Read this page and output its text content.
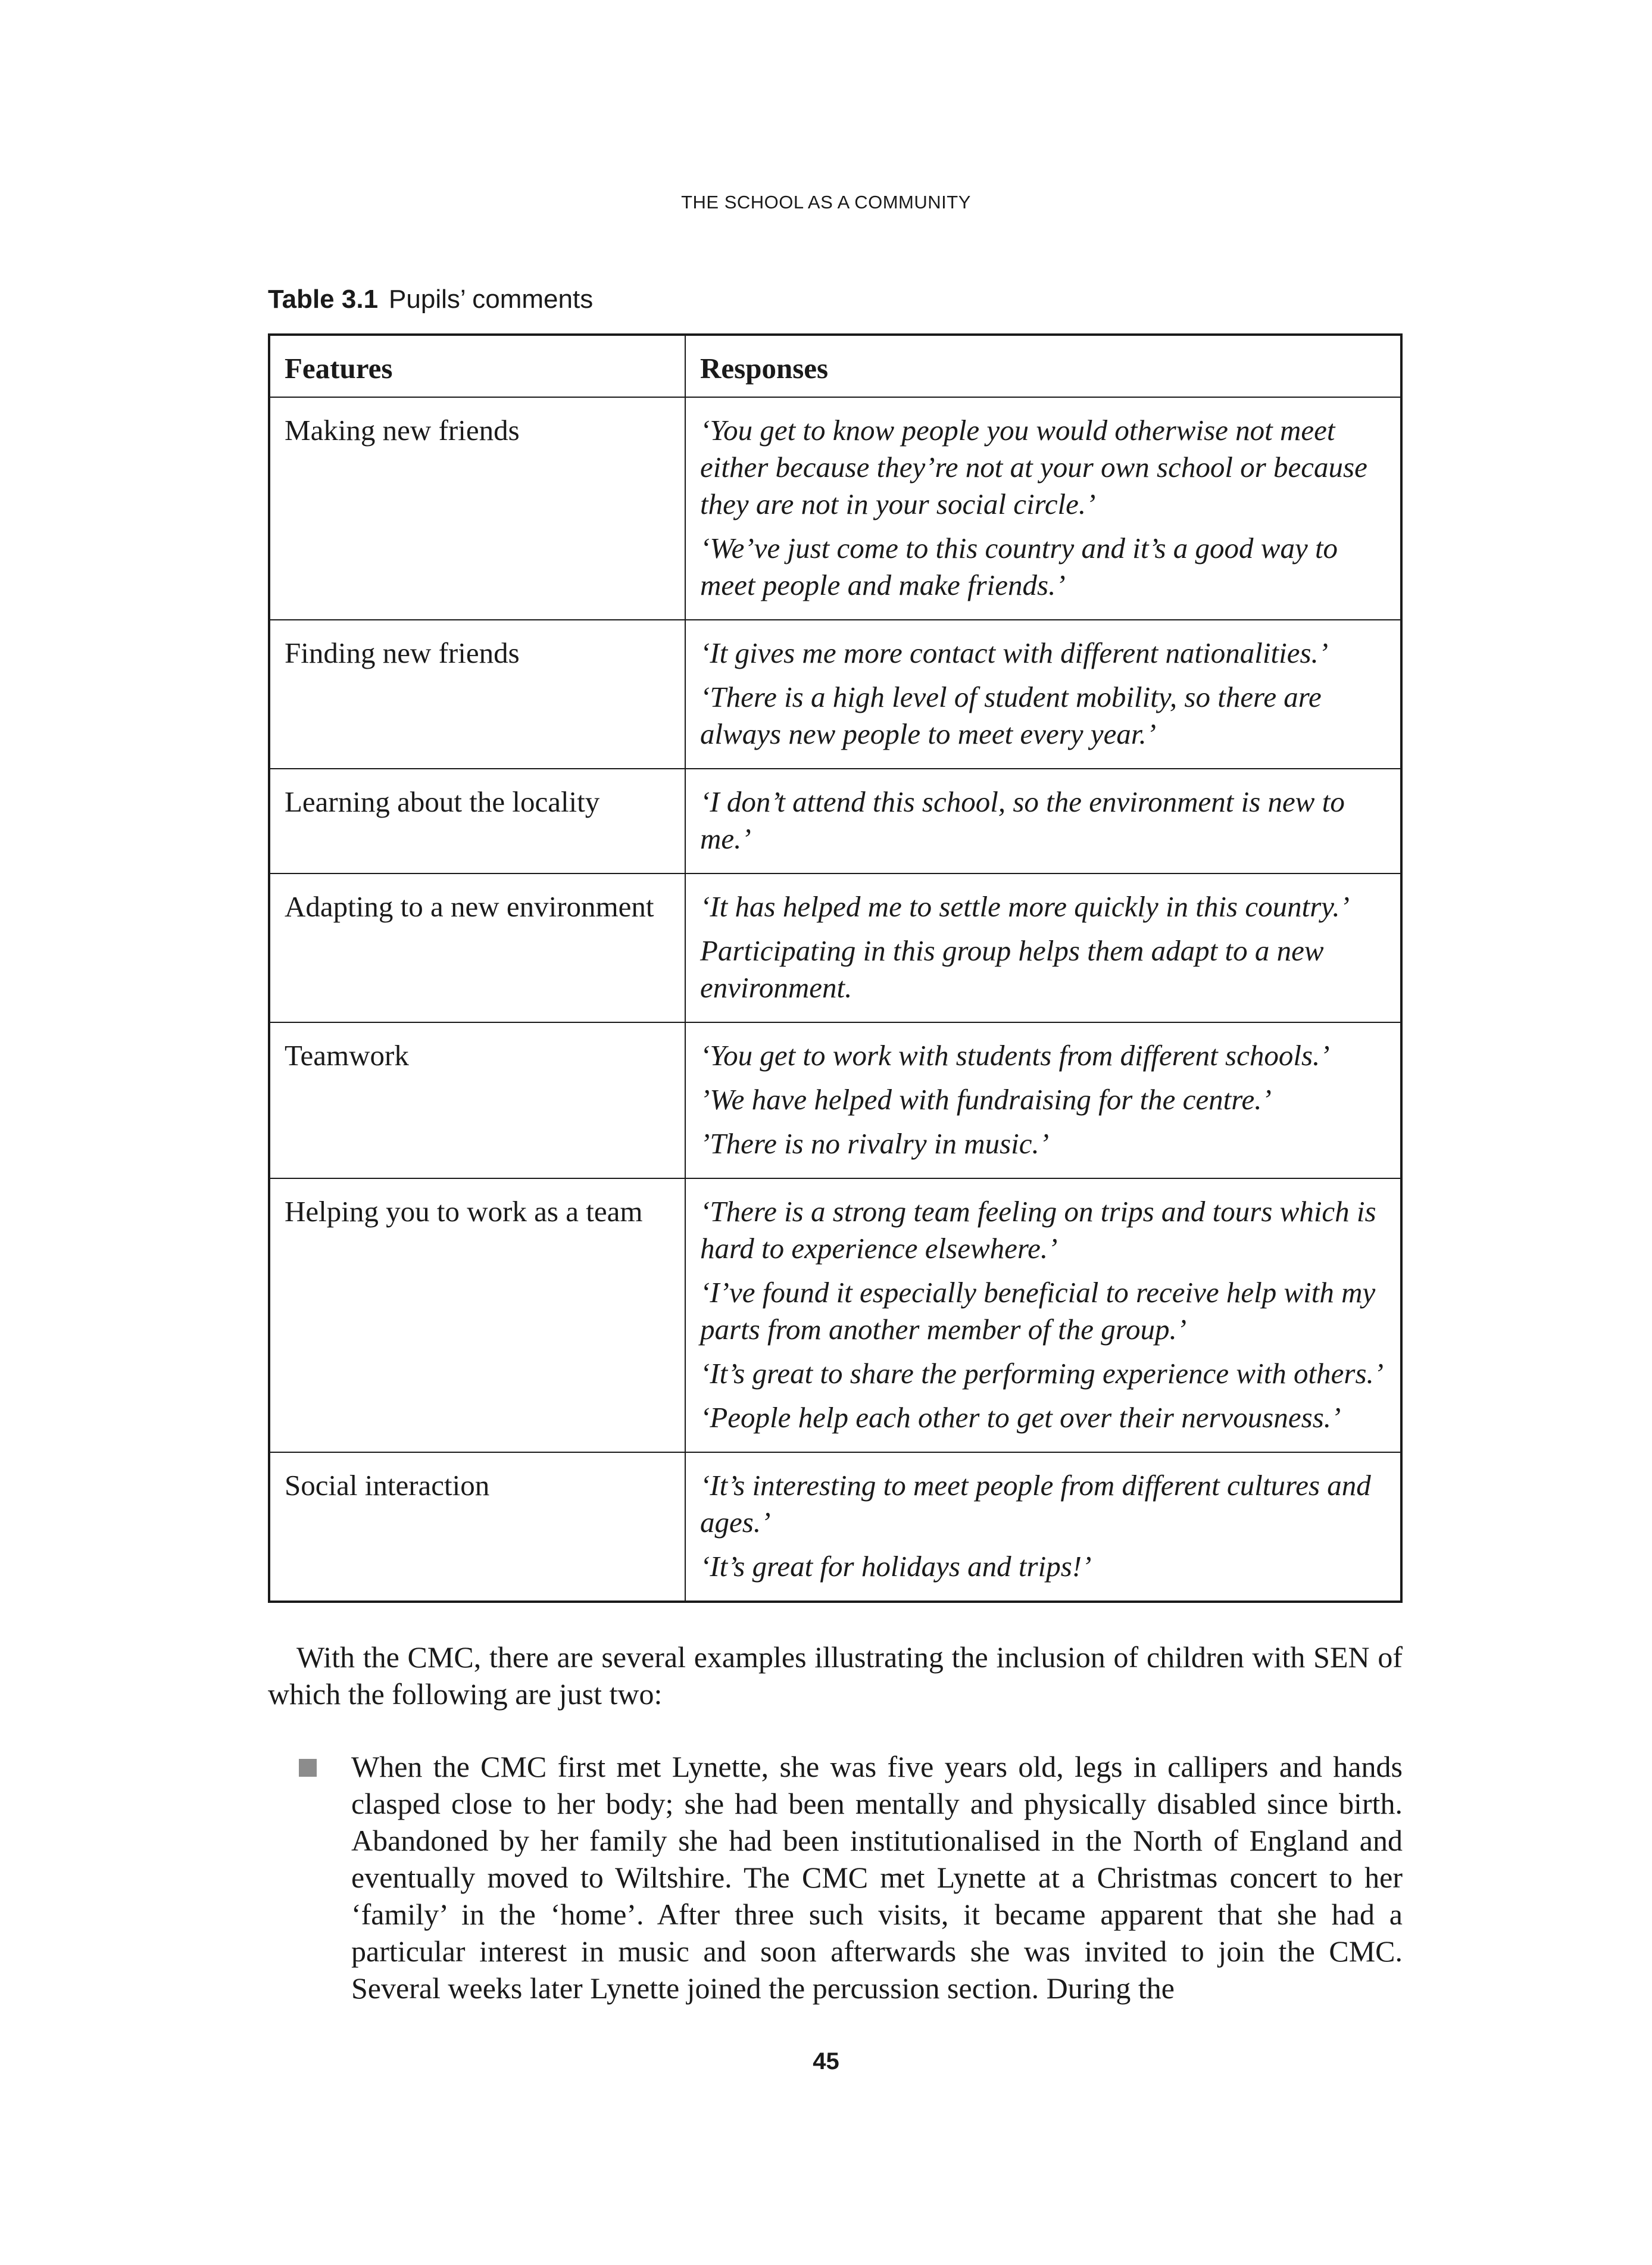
THE SCHOOL AS A COMMUNITY
Table 3.1 Pupils’ comments
Features	Responses
Making new friends	‘You get to know people you would otherwise not meet either because they’re not at your own school or because they are not in your social circle.’

‘We’ve just come to this country and it’s a good way to meet people and make friends.’

Finding new friends	‘It gives me more contact with different nationalities.’

‘There is a high level of student mobility, so there are always new people to meet every year.’

Learning about the locality	‘I don’t attend this school, so the environment is new to me.’

Adapting to a new environment	‘It has helped me to settle more quickly in this country.’

Participating in this group helps them adapt to a new environment.

Teamwork	‘You get to work with students from different schools.’

’We have helped with fundraising for the centre.’

’There is no rivalry in music.’

Helping you to work as a team	‘There is a strong team feeling on trips and tours which is hard to experience elsewhere.’

‘I’ve found it especially beneficial to receive help with my parts from another member of the group.’

‘It’s great to share the performing experience with others.’

‘People help each other to get over their nervousness.’

Social interaction	‘It’s interesting to meet people from different cultures and ages.’

‘It’s great for holidays and trips!’

With the CMC, there are several examples illustrating the inclusion of children with SEN of which the following are just two:

When the CMC first met Lynette, she was five years old, legs in callipers and hands clasped close to her body; she had been mentally and physically disabled since birth. Abandoned by her family she had been institutionalised in the North of England and eventually moved to Wiltshire. The CMC met Lynette at a Christmas concert to her ‘family’ in the ‘home’. After three such visits, it became apparent that she had a particular interest in music and soon afterwards she was invited to join the CMC. Several weeks later Lynette joined the percussion section. During the

45
